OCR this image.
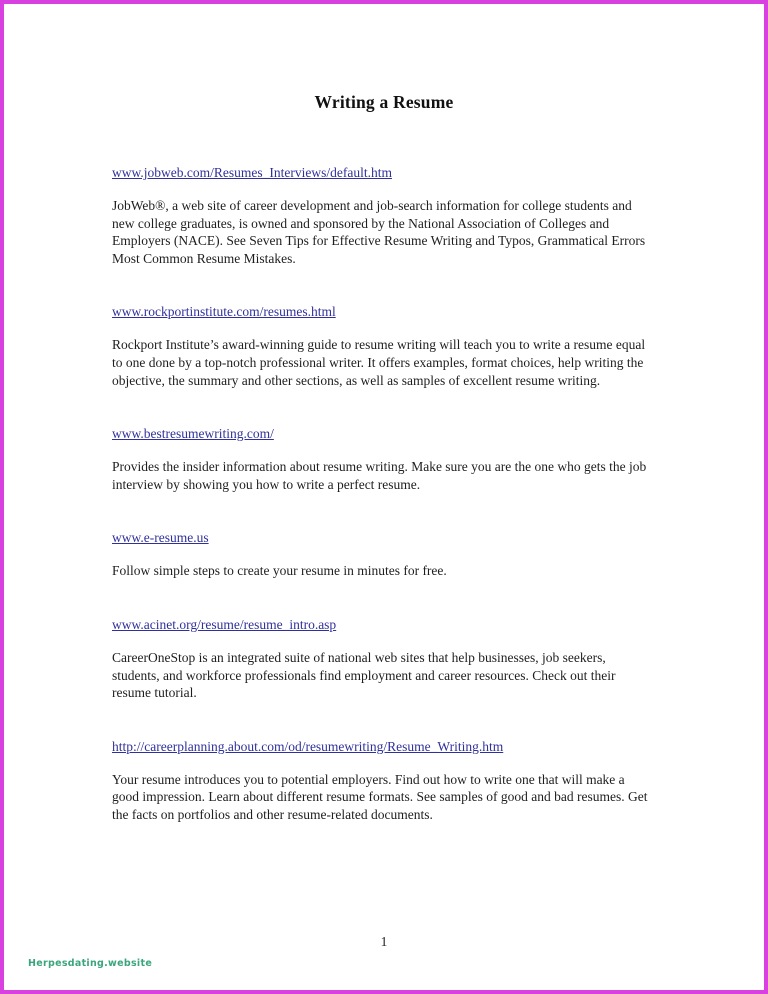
Writing a Resume
www.jobweb.com/Resumes_Interviews/default.htm

JobWeb®, a web site of career development and job-search information for college students and new college graduates, is owned and sponsored by the National Association of Colleges and Employers (NACE). See Seven Tips for Effective Resume Writing and Typos, Grammatical Errors Most Common Resume Mistakes.

www.rockportinstitute.com/resumes.html

Rockport Institute’s award-winning guide to resume writing will teach you to write a resume equal to one done by a top-notch professional writer. It offers examples, format choices, help writing the objective, the summary and other sections, as well as samples of excellent resume writing.

www.bestresumewriting.com/

Provides the insider information about resume writing. Make sure you are the one who gets the job interview by showing you how to write a perfect resume.

www.e-resume.us

Follow simple steps to create your resume in minutes for free.

www.acinet.org/resume/resume_intro.asp

CareerOneStop is an integrated suite of national web sites that help businesses, job seekers, students, and workforce professionals find employment and career resources. Check out their resume tutorial.

http://careerplanning.about.com/od/resumewriting/Resume_Writing.htm

Your resume introduces you to potential employers. Find out how to write one that will make a good impression. Learn about different resume formats. See samples of good and bad resumes. Get the facts on portfolios and other resume-related documents.

1
Herpesdating.website
